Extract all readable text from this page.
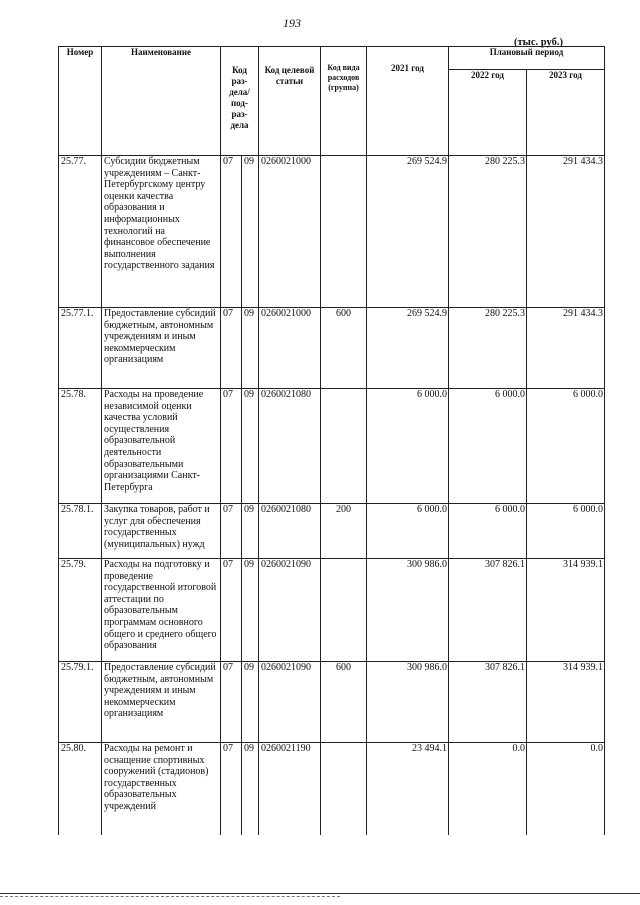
193
(тыс. руб.)
Номер	Наименование	Код раз-дела/ под-раз-дела		Код целевой статьи	Код вида расходов (группа)	2021 год	Плановый период	
							2022 год	2023 год
25.77.	Субсидии бюджетным учреждениям – Санкт-Петербургскому центру оценки качества образования и информационных технологий на финансовое обеспечение выполнения государственного задания	07	09	0260021000		269 524.9	280 225.3	291 434.3
25.77.1.	Предоставление субсидий бюджетным, автономным учреждениям и иным некоммерческим организациям	07	09	0260021000	600	269 524.9	280 225.3	291 434.3
25.78.	Расходы на проведение независимой оценки качества условий осуществления образовательной деятельности образовательными организациями Санкт-Петербурга	07	09	0260021080		6 000.0	6 000.0	6 000.0
25.78.1.	Закупка товаров, работ и услуг для обеспечения государственных (муниципальных) нужд	07	09	0260021080	200	6 000.0	6 000.0	6 000.0
25.79.	Расходы на подготовку и проведение государственной итоговой аттестации по образовательным программам основного общего и среднего общего образования	07	09	0260021090		300 986.0	307 826.1	314 939.1
25.79.1.	Предоставление субсидий бюджетным, автономным учреждениям и иным некоммерческим организациям	07	09	0260021090	600	300 986.0	307 826.1	314 939.1
25.80.	Расходы на ремонт и оснащение спортивных сооружений (стадионов) государственных образовательных учреждений	07	09	0260021190		23 494.1	0.0	0.0
